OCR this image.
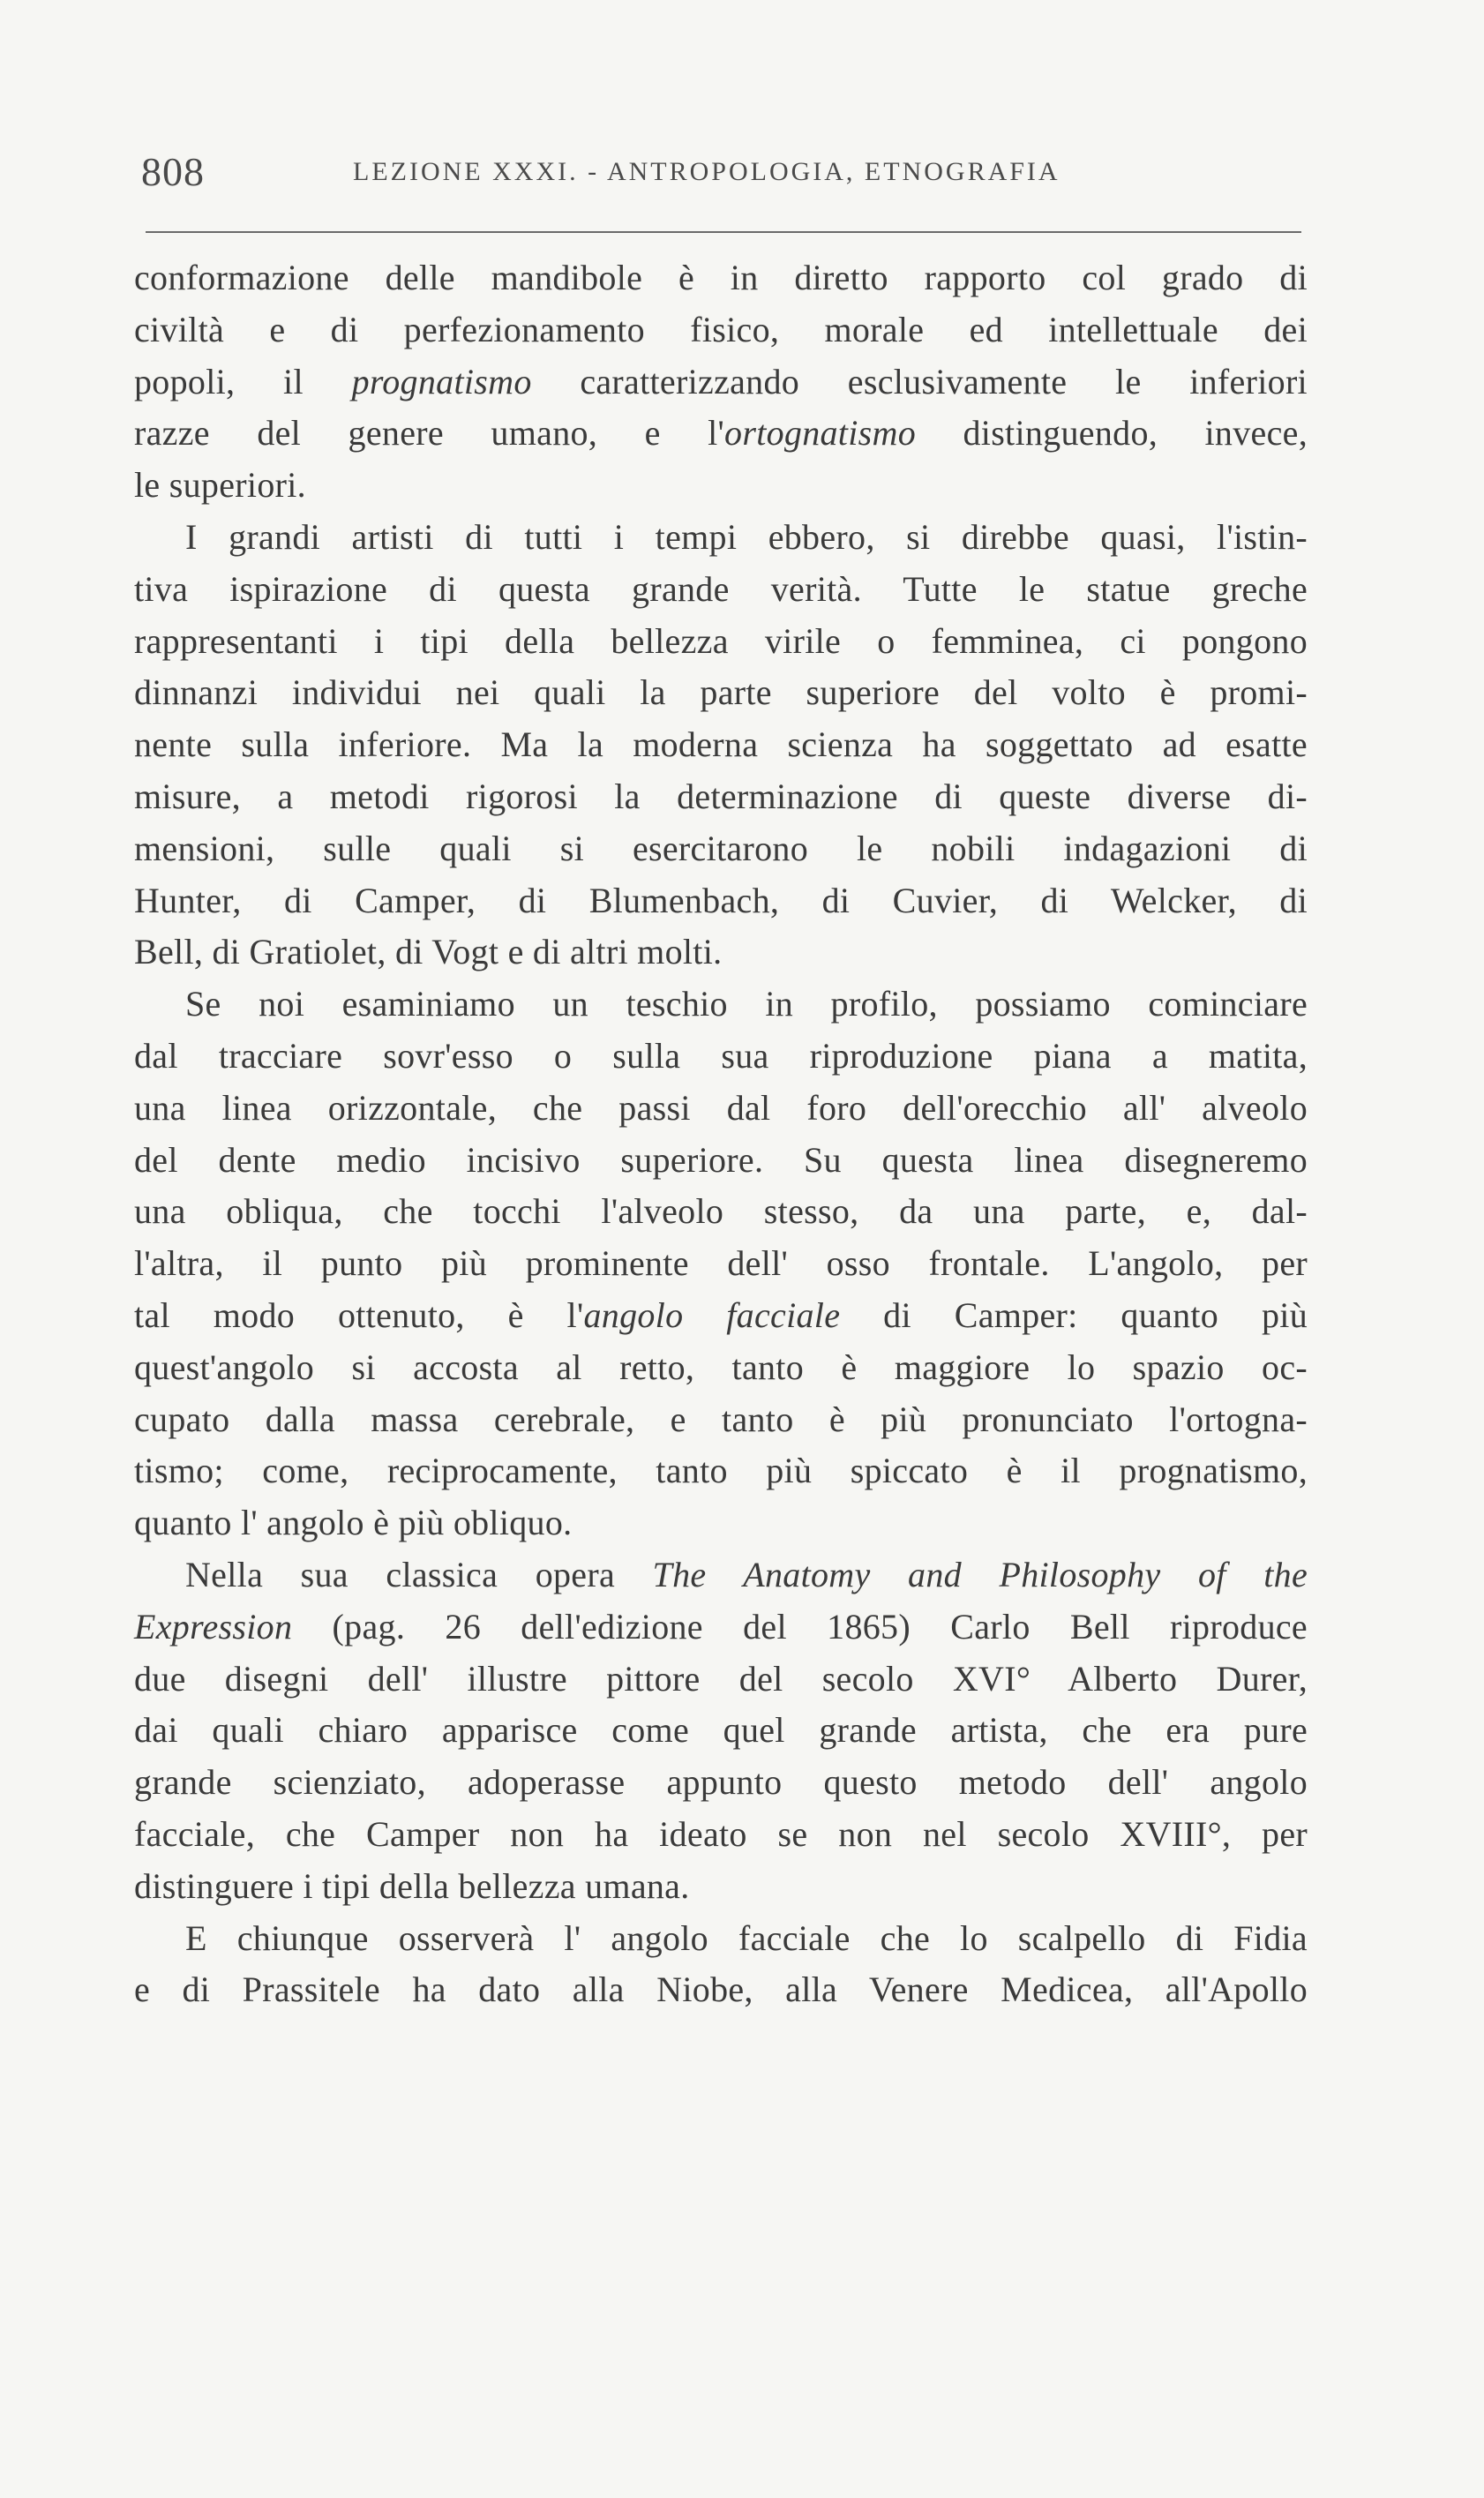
808	LEZIONE XXXI. - ANTROPOLOGIA, ETNOGRAFIA
conformazione delle mandibole è in diretto rapporto col grado di
civiltà e di perfezionamento fisico, morale ed intellettuale dei
popoli, il prognatismo caratterizzando esclusivamente le inferiori
razze del genere umano, e l'ortognatismo distinguendo, invece,
le superiori.
I grandi artisti di tutti i tempi ebbero, si direbbe quasi, l'istin-
tiva ispirazione di questa grande verità. Tutte le statue greche
rappresentanti i tipi della bellezza virile o femminea, ci pongono
dinnanzi individui nei quali la parte superiore del volto è promi-
nente sulla inferiore. Ma la moderna scienza ha soggettato ad esatte
misure, a metodi rigorosi la determinazione di queste diverse di-
mensioni, sulle quali si esercitarono le nobili indagazioni di
Hunter, di Camper, di Blumenbach, di Cuvier, di Welcker, di
Bell, di Gratiolet, di Vogt e di altri molti.
Se noi esaminiamo un teschio in profilo, possiamo cominciare
dal tracciare sovr'esso o sulla sua riproduzione piana a matita,
una linea orizzontale, che passi dal foro dell'orecchio all' alveolo
del dente medio incisivo superiore. Su questa linea disegneremo
una obliqua, che tocchi l'alveolo stesso, da una parte, e, dal-
l'altra, il punto più prominente dell' osso frontale. L'angolo, per
tal modo ottenuto, è l'angolo facciale di Camper: quanto più
quest'angolo si accosta al retto, tanto è maggiore lo spazio oc-
cupato dalla massa cerebrale, e tanto è più pronunciato l'ortogna-
tismo; come, reciprocamente, tanto più spiccato è il prognatismo,
quanto l' angolo è più obliquo.
Nella sua classica opera The Anatomy and Philosophy of the
Expression (pag. 26 dell'edizione del 1865) Carlo Bell riproduce
due disegni dell' illustre pittore del secolo XVI° Alberto Durer,
dai quali chiaro apparisce come quel grande artista, che era pure
grande scienziato, adoperasse appunto questo metodo dell' angolo
facciale, che Camper non ha ideato se non nel secolo XVIII°, per
distinguere i tipi della bellezza umana.
E chiunque osserverà l' angolo facciale che lo scalpello di Fidia
e di Prassitele ha dato alla Niobe, alla Venere Medicea, all'Apollo
